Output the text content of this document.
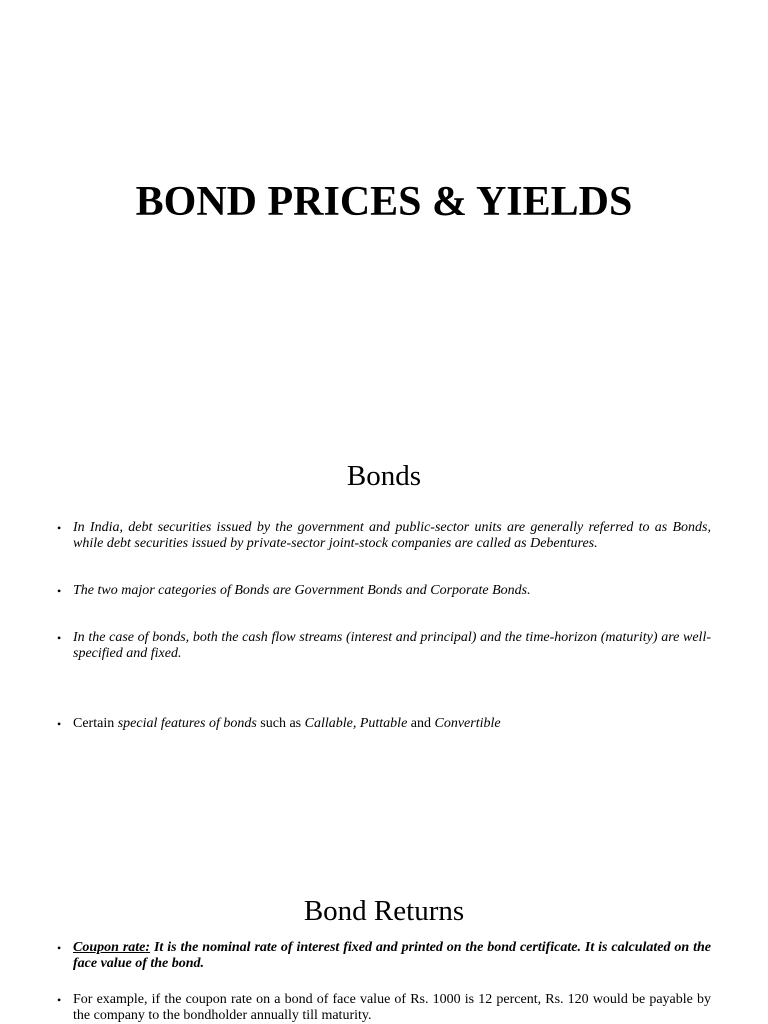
BOND PRICES & YIELDS
Bonds
• In India, debt securities issued by the government and public-sector units are generally referred to as Bonds, while debt securities issued by private-sector joint-stock companies are called as Debentures.
• The two major categories of Bonds are Government Bonds and Corporate Bonds.
• In the case of bonds, both the cash flow streams (interest and principal) and the time-horizon (maturity) are well-specified and fixed.
• Certain special features of bonds such as Callable, Puttable and Convertible
Bond Returns
• Coupon rate: It is the nominal rate of interest fixed and printed on the bond certificate. It is calculated on the face value of the bond.
• For example, if the coupon rate on a bond of face value of Rs. 1000 is 12 percent, Rs. 120 would be payable by the company to the bondholder annually till maturity.
